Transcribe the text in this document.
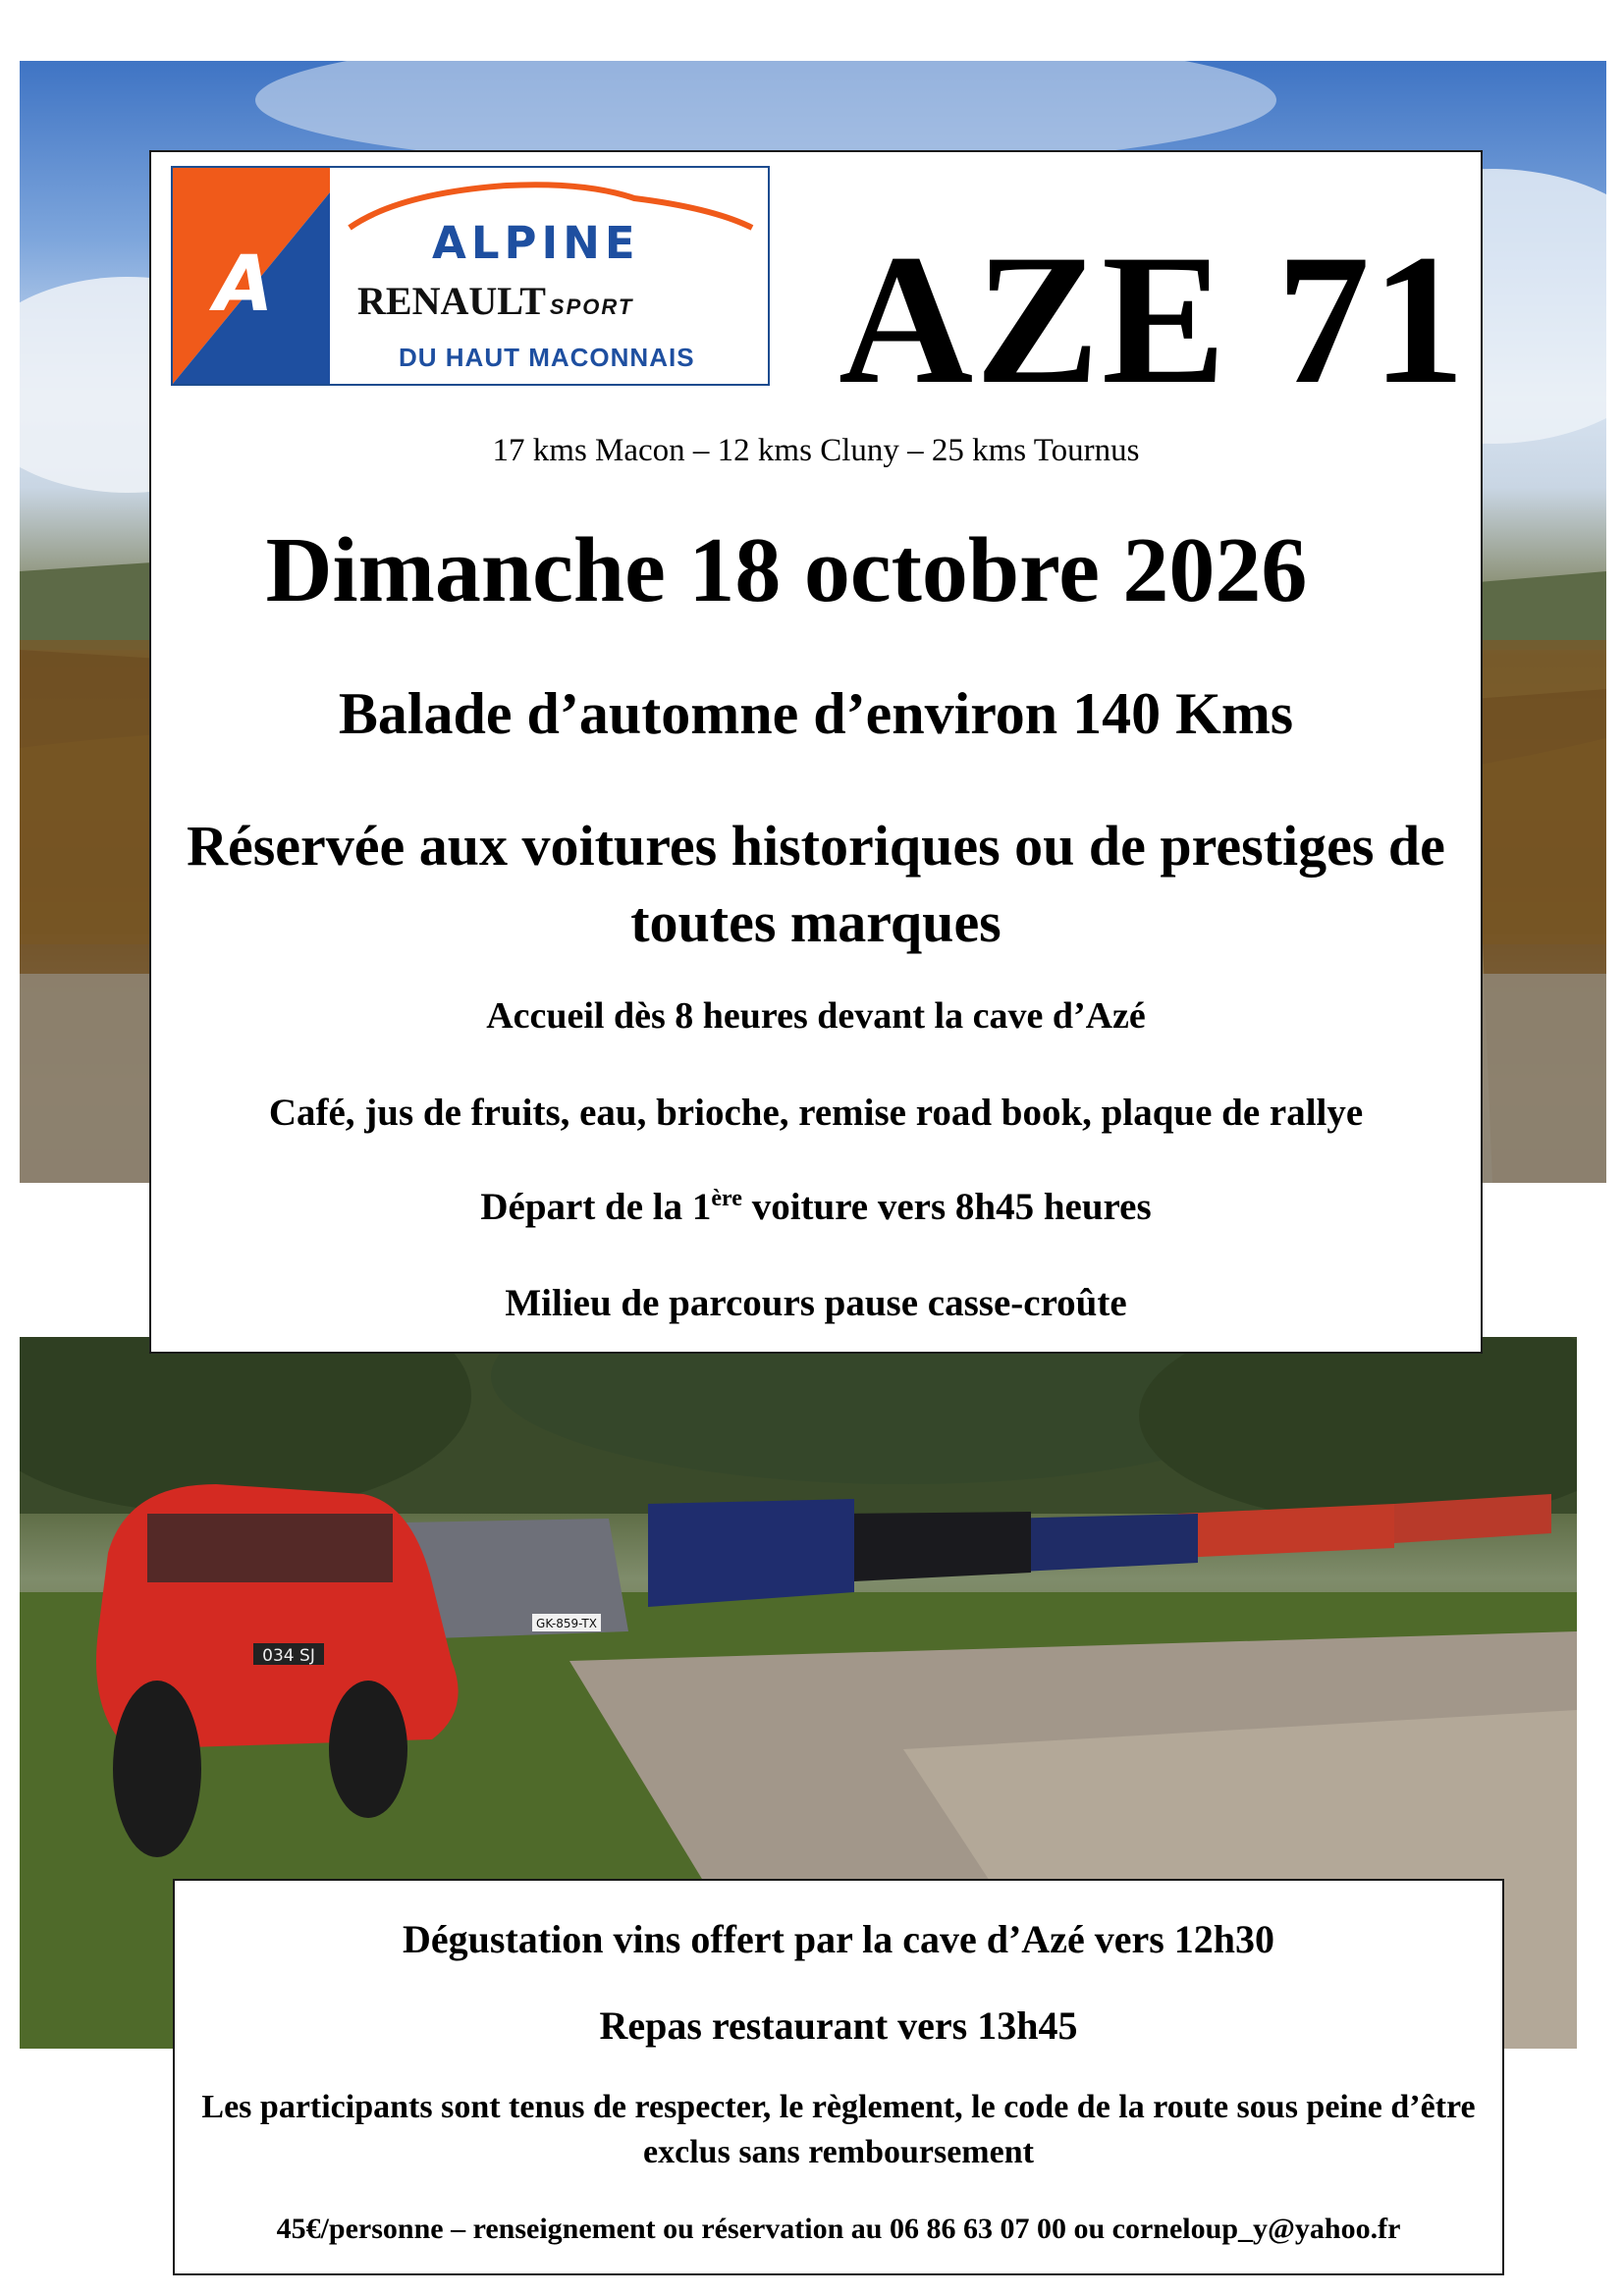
034 SJ
GK-859-TX
A	ALPINE
RENAULT SPORT
DU HAUT MACONNAIS AZE 71
17 kms Macon – 12 kms Cluny – 25 kms Tournus
Dimanche 18 octobre 2026
Balade d’automne d’environ 140 Kms
Réservée aux voitures historiques ou de prestiges de toutes marques
Accueil dès 8 heures devant la cave d’Azé
Café, jus de fruits, eau, brioche, remise road book, plaque de rallye
Départ de la 1ère voiture vers 8h45 heures
Milieu de parcours pause casse-croûte
Dégustation vins offert par la cave d’Azé vers 12h30
Repas restaurant vers 13h45
Les participants sont tenus de respecter, le règlement, le code de la route sous peine d’être exclus sans remboursement
45€/personne – renseignement ou réservation au 06 86 63 07 00 ou corneloup_y@yahoo.fr
